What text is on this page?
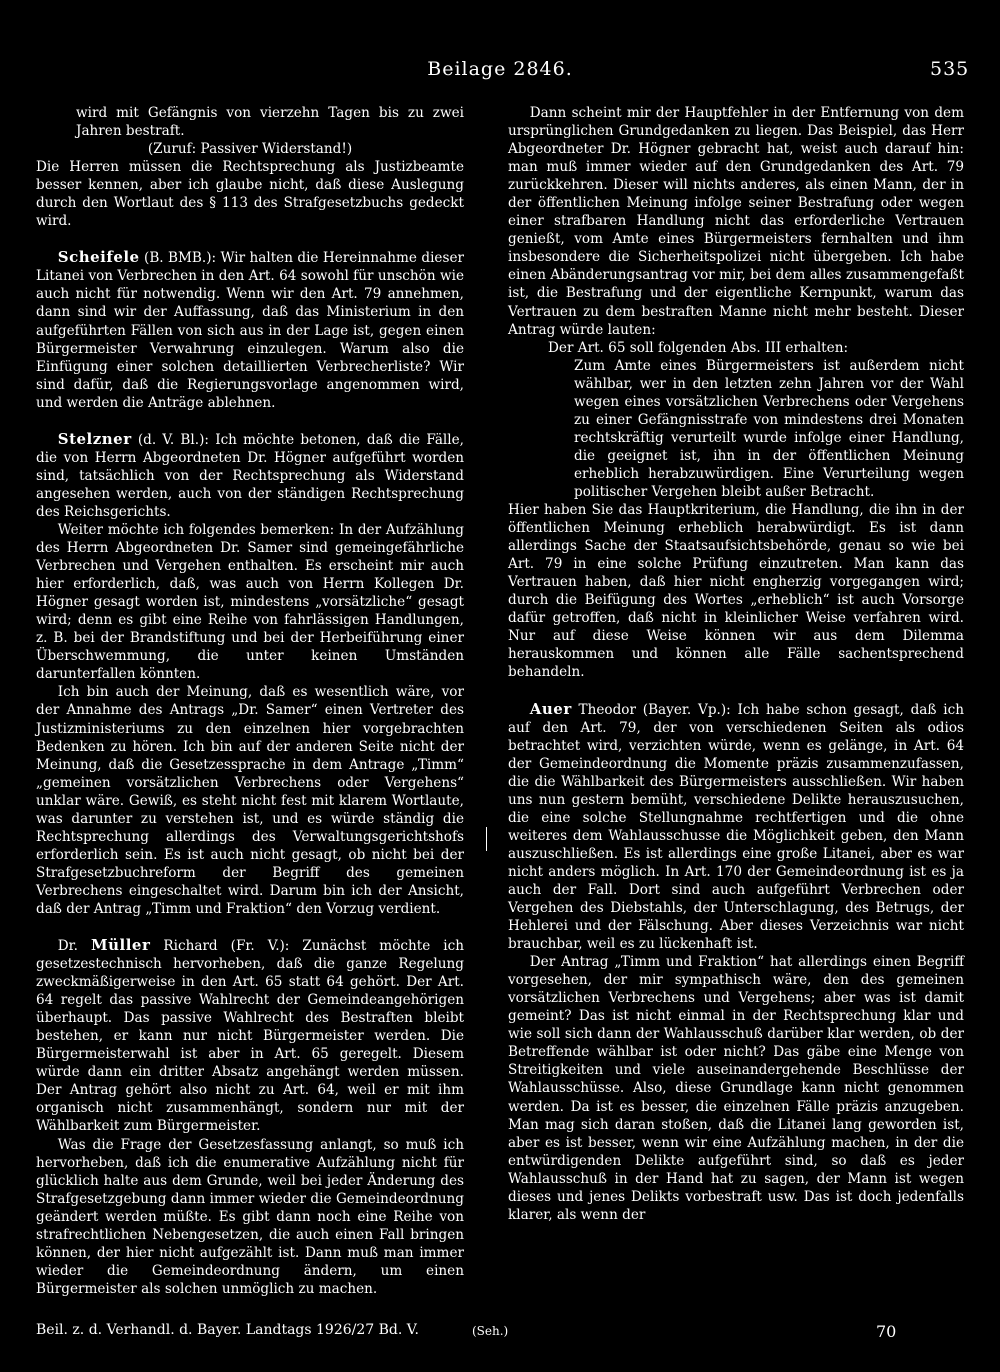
Beilage 2846.	535

wird mit Gefängnis von vierzehn Tagen bis zu zwei Jahren bestraft.

(Zuruf: Passiver Widerstand!)

Die Herren müssen die Rechtsprechung als Justizbeamte besser kennen, aber ich glaube nicht, daß diese Auslegung durch den Wortlaut des § 113 des Strafgesetzbuchs gedeckt wird.

Scheifele (B. BMB.): Wir halten die Hereinnahme dieser Litanei von Verbrechen in den Art. 64 sowohl für unschön wie auch nicht für notwendig. Wenn wir den Art. 79 annehmen, dann sind wir der Auffassung, daß das Ministerium in den aufgeführten Fällen von sich aus in der Lage ist, gegen einen Bürgermeister Verwahrung einzulegen. Warum also die Einfügung einer solchen detaillierten Verbrecherliste? Wir sind dafür, daß die Regierungsvorlage angenommen wird, und werden die Anträge ablehnen.

Stelzner (d. V. Bl.): Ich möchte betonen, daß die Fälle, die von Herrn Abgeordneten Dr. Högner aufgeführt worden sind, tatsächlich von der Rechtsprechung als Widerstand angesehen werden, auch von der ständigen Rechtsprechung des Reichsgerichts.

Weiter möchte ich folgendes bemerken: In der Aufzählung des Herrn Abgeordneten Dr. Samer sind gemeingefährliche Verbrechen und Vergehen enthalten. Es erscheint mir auch hier erforderlich, daß, was auch von Herrn Kollegen Dr. Högner gesagt worden ist, mindestens „vorsätzliche“ gesagt wird; denn es gibt eine Reihe von fahrlässigen Handlungen, z. B. bei der Brandstiftung und bei der Herbeiführung einer Überschwemmung, die unter keinen Umständen darunterfallen könnten.

Ich bin auch der Meinung, daß es wesentlich wäre, vor der Annahme des Antrags „Dr. Samer“ einen Vertreter des Justizministeriums zu den einzelnen hier vorgebrachten Bedenken zu hören. Ich bin auf der anderen Seite nicht der Meinung, daß die Gesetzessprache in dem Antrage „Timm“ „gemeinen vorsätzlichen Verbrechens oder Vergehens“ unklar wäre. Gewiß, es steht nicht fest mit klarem Wortlaute, was darunter zu verstehen ist, und es würde ständig die Rechtsprechung allerdings des Verwaltungsgerichtshofs erforderlich sein. Es ist auch nicht gesagt, ob nicht bei der Strafgesetzbuchreform der Begriff des gemeinen Verbrechens eingeschaltet wird. Darum bin ich der Ansicht, daß der Antrag „Timm und Fraktion“ den Vorzug verdient.

Dr. Müller Richard (Fr. V.): Zunächst möchte ich gesetzestechnisch hervorheben, daß die ganze Regelung zweckmäßigerweise in den Art. 65 statt 64 gehört. Der Art. 64 regelt das passive Wahlrecht der Gemeindeangehörigen überhaupt. Das passive Wahlrecht des Bestraften bleibt bestehen, er kann nur nicht Bürgermeister werden. Die Bürgermeisterwahl ist aber in Art. 65 geregelt. Diesem würde dann ein dritter Absatz angehängt werden müssen. Der Antrag gehört also nicht zu Art. 64, weil er mit ihm organisch nicht zusammenhängt, sondern nur mit der Wählbarkeit zum Bürgermeister.

Was die Frage der Gesetzesfassung anlangt, so muß ich hervorheben, daß ich die enumerative Aufzählung nicht für glücklich halte aus dem Grunde, weil bei jeder Änderung des Strafgesetzgebung dann immer wieder die Gemeindeordnung geändert werden müßte. Es gibt dann noch eine Reihe von strafrechtlichen Nebengesetzen, die auch einen Fall bringen können, der hier nicht aufgezählt ist. Dann muß man immer wieder die Gemeindeordnung ändern, um einen Bürgermeister als solchen unmöglich zu machen.

Dann scheint mir der Hauptfehler in der Entfernung von dem ursprünglichen Grundgedanken zu liegen. Das Beispiel, das Herr Abgeordneter Dr. Högner gebracht hat, weist auch darauf hin: man muß immer wieder auf den Grundgedanken des Art. 79 zurückkehren. Dieser will nichts anderes, als einen Mann, der in der öffentlichen Meinung infolge seiner Bestrafung oder wegen einer strafbaren Handlung nicht das erforderliche Vertrauen genießt, vom Amte eines Bürgermeisters fernhalten und ihm insbesondere die Sicherheitspolizei nicht übergeben. Ich habe einen Abänderungsantrag vor mir, bei dem alles zusammengefaßt ist, die Bestrafung und der eigentliche Kernpunkt, warum das Vertrauen zu dem bestraften Manne nicht mehr besteht. Dieser Antrag würde lauten:

Der Art. 65 soll folgenden Abs. III erhalten:

Zum Amte eines Bürgermeisters ist außerdem nicht wählbar, wer in den letzten zehn Jahren vor der Wahl wegen eines vorsätzlichen Verbrechens oder Vergehens zu einer Gefängnisstrafe von mindestens drei Monaten rechtskräftig verurteilt wurde infolge einer Handlung, die geeignet ist, ihn in der öffentlichen Meinung erheblich herabzuwürdigen. Eine Verurteilung wegen politischer Vergehen bleibt außer Betracht.

Hier haben Sie das Hauptkriterium, die Handlung, die ihn in der öffentlichen Meinung erheblich herabwürdigt. Es ist dann allerdings Sache der Staatsaufsichtsbehörde, genau so wie bei Art. 79 in eine solche Prüfung einzutreten. Man kann das Vertrauen haben, daß hier nicht engherzig vorgegangen wird; durch die Beifügung des Wortes „erheblich“ ist auch Vorsorge dafür getroffen, daß nicht in kleinlicher Weise verfahren wird. Nur auf diese Weise können wir aus dem Dilemma herauskommen und können alle Fälle sachentsprechend behandeln.

Auer Theodor (Bayer. Vp.): Ich habe schon gesagt, daß ich auf den Art. 79, der von verschiedenen Seiten als odios betrachtet wird, verzichten würde, wenn es gelänge, in Art. 64 der Gemeindeordnung die Momente präzis zusammenzufassen, die die Wählbarkeit des Bürgermeisters ausschließen. Wir haben uns nun gestern bemüht, verschiedene Delikte herauszusuchen, die eine solche Stellungnahme rechtfertigen und die ohne weiteres dem Wahlausschusse die Möglichkeit geben, den Mann auszuschließen. Es ist allerdings eine große Litanei, aber es war nicht anders möglich. In Art. 170 der Gemeindeordnung ist es ja auch der Fall. Dort sind auch aufgeführt Verbrechen oder Vergehen des Diebstahls, der Unterschlagung, des Betrugs, der Hehlerei und der Fälschung. Aber dieses Verzeichnis war nicht brauchbar, weil es zu lückenhaft ist.

Der Antrag „Timm und Fraktion“ hat allerdings einen Begriff vorgesehen, der mir sympathisch wäre, den des gemeinen vorsätzlichen Verbrechens und Vergehens; aber was ist damit gemeint? Das ist nicht einmal in der Rechtsprechung klar und wie soll sich dann der Wahlausschuß darüber klar werden, ob der Betreffende wählbar ist oder nicht? Das gäbe eine Menge von Streitigkeiten und viele auseinandergehende Beschlüsse der Wahlausschüsse. Also, diese Grundlage kann nicht genommen werden. Da ist es besser, die einzelnen Fälle präzis anzugeben. Man mag sich daran stoßen, daß die Litanei lang geworden ist, aber es ist besser, wenn wir eine Aufzählung machen, in der die entwürdigenden Delikte aufgeführt sind, so daß es jeder Wahlausschuß in der Hand hat zu sagen, der Mann ist wegen dieses und jenes Delikts vorbestraft usw. Das ist doch jedenfalls klarer, als wenn der

Beil. z. d. Verhandl. d. Bayer. Landtags 1926/27 Bd. V.	(Seh.)	70
